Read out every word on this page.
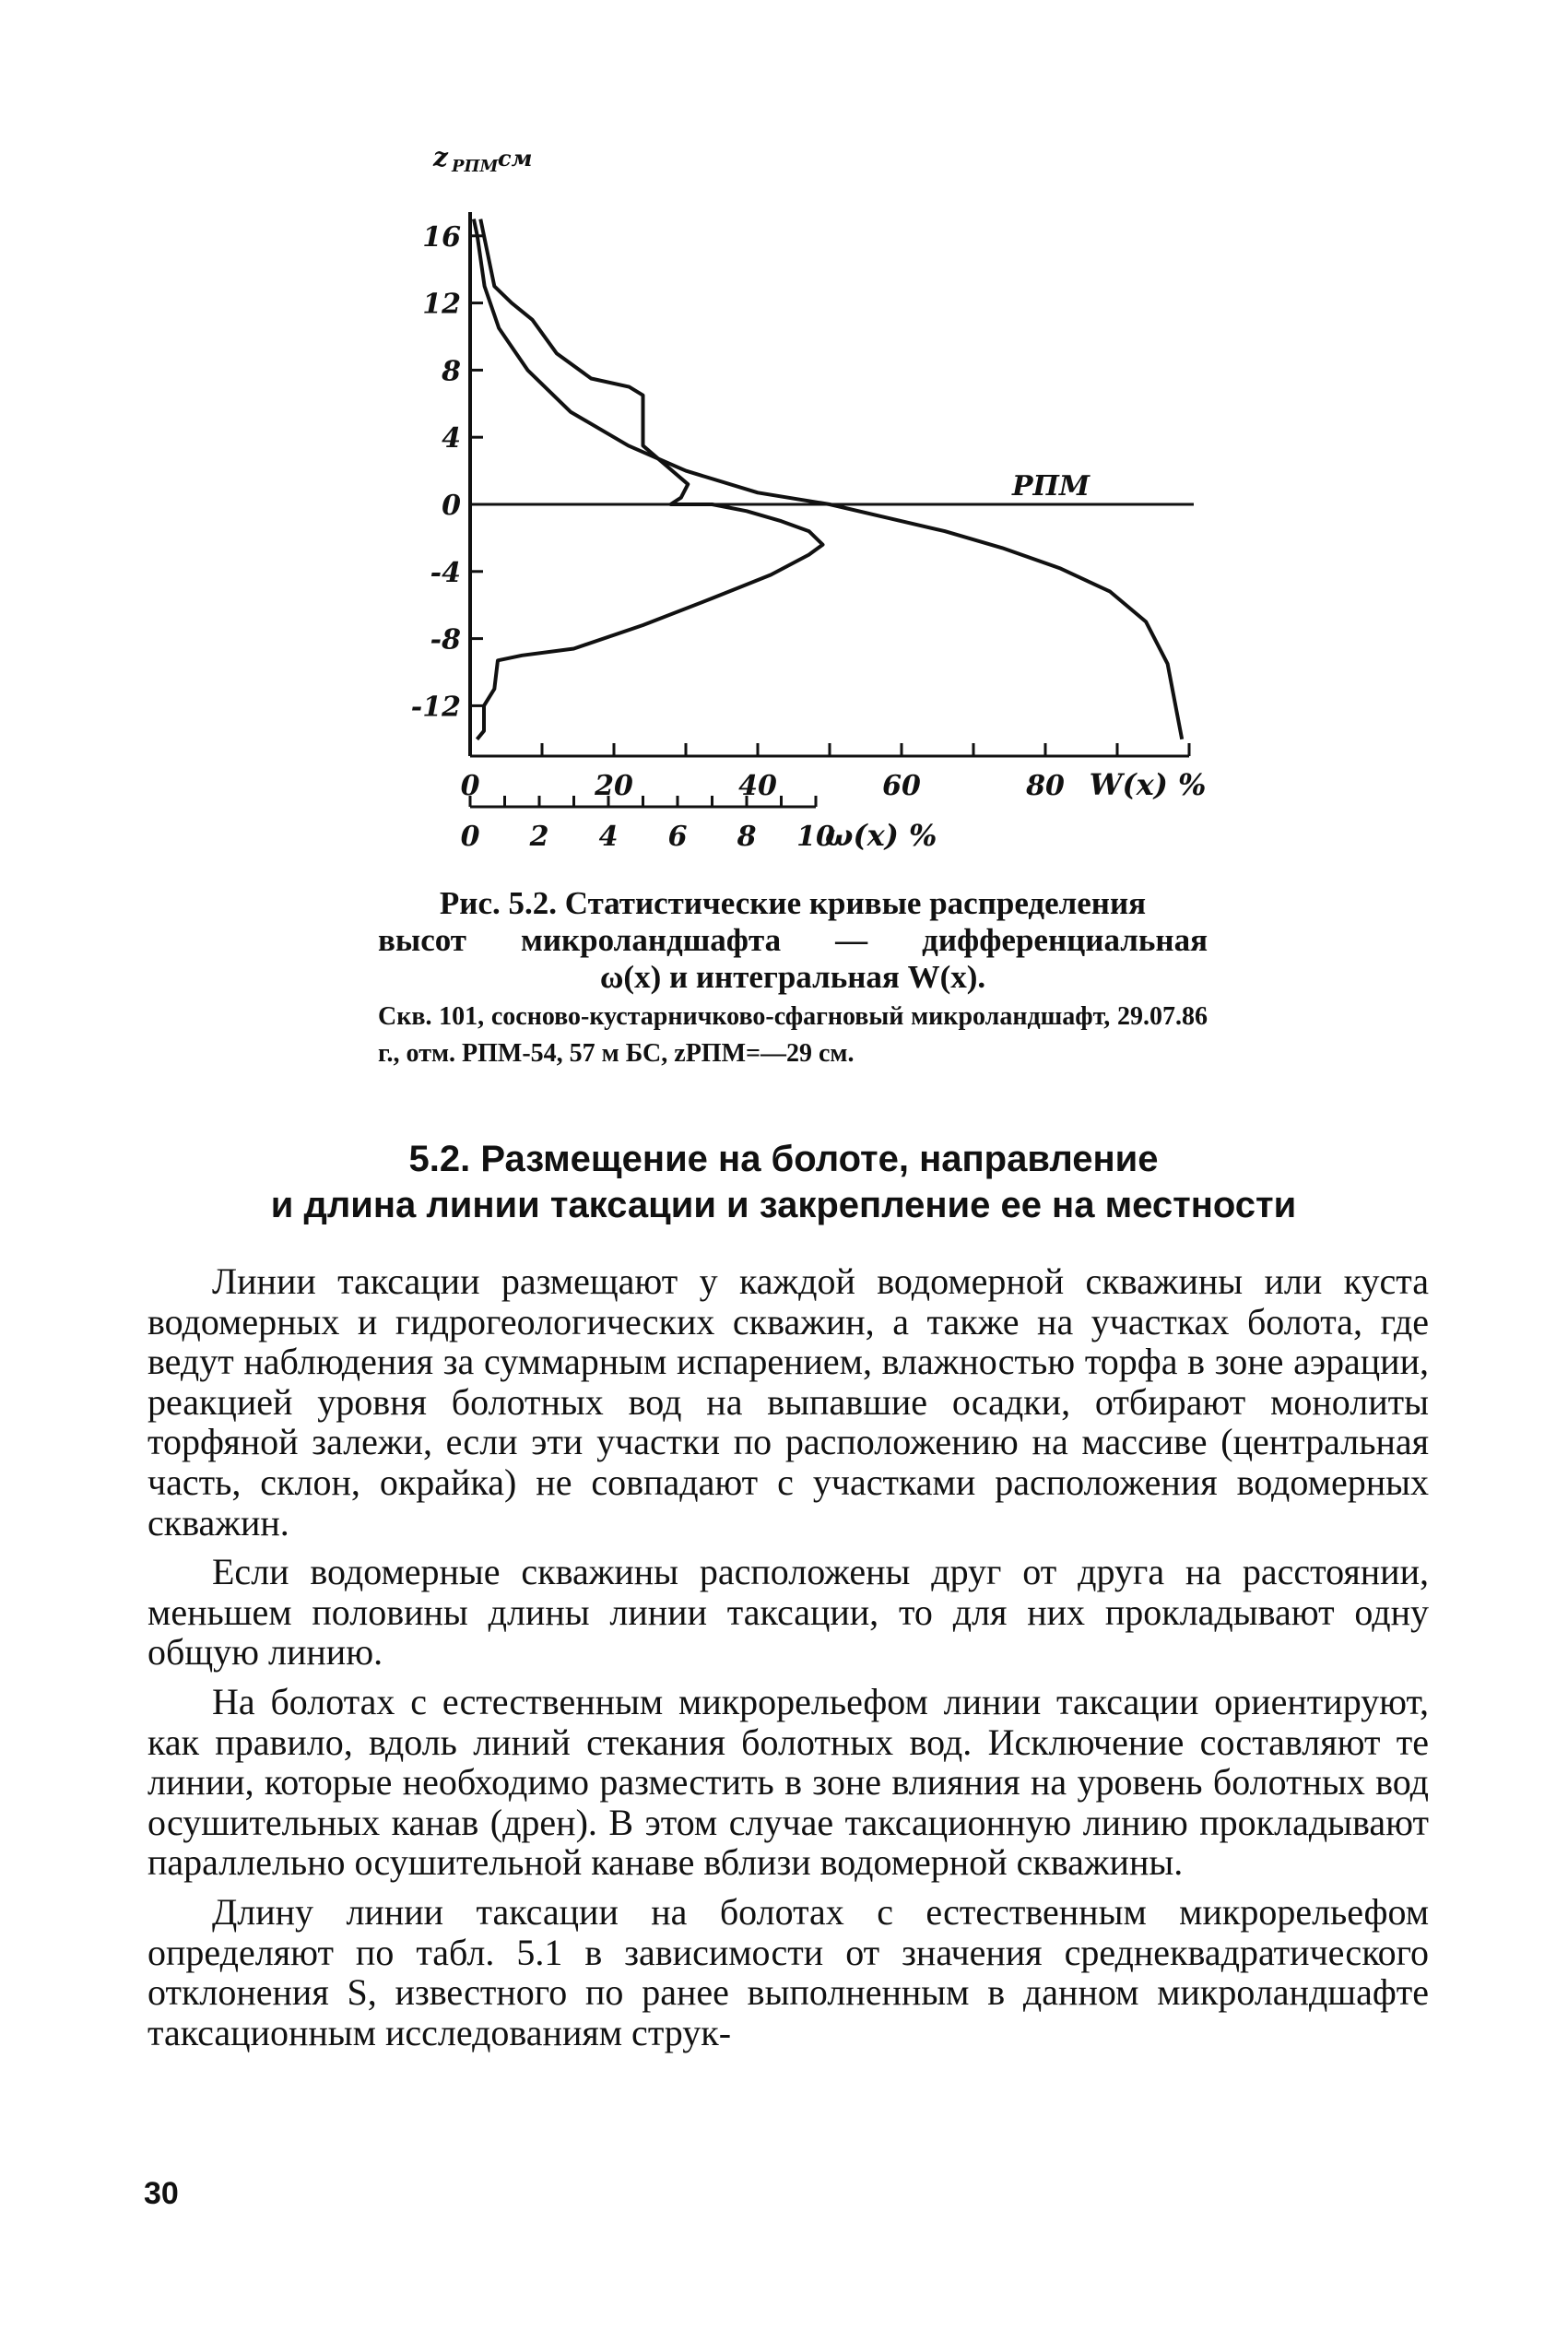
16
12
8
4
0
-4
-8
-12
0	20	40	60	80 W(x) %
0 2 4 6 8 10
ω(x) %
z РПМ см
РПМ
Рис. 5.2. Статистические кривые распределения
высот микроландшафта — дифференциальная
ω(x) и интегральная W(x).
Скв. 101, сосново-кустарничково-сфагновый микроландшафт, 29.07.86 г., отм. РПМ-54, 57 м БС, zРПМ=—29 см.
5.2. Размещение на болоте, направление
и длина линии таксации и закрепление ее на местности

Линии таксации размещают у каждой водомерной скважины или куста водомерных и гидрогеологических скважин, а также на участках болота, где ведут наблюдения за суммарным испарением, влажностью торфа в зоне аэрации, реакцией уровня болотных вод на выпавшие осадки, отбирают монолиты торфяной залежи, если эти участки по расположению на массиве (центральная часть, склон, окрайка) не совпадают с участками расположения водомерных скважин.

Если водомерные скважины расположены друг от друга на расстоянии, меньшем половины длины линии таксации, то для них прокладывают одну общую линию.

На болотах с естественным микрорельефом линии таксации ориентируют, как правило, вдоль линий стекания болотных вод. Исключение составляют те линии, которые необходимо разместить в зоне влияния на уровень болотных вод осушительных канав (дрен). В этом случае таксационную линию прокладывают параллельно осушительной канаве вблизи водомерной скважины.

Длину линии таксации на болотах с естественным микрорельефом определяют по табл. 5.1 в зависимости от значения среднеквадратического отклонения S, известного по ранее выполненным в данном микроландшафте таксационным исследованиям струк-

30
